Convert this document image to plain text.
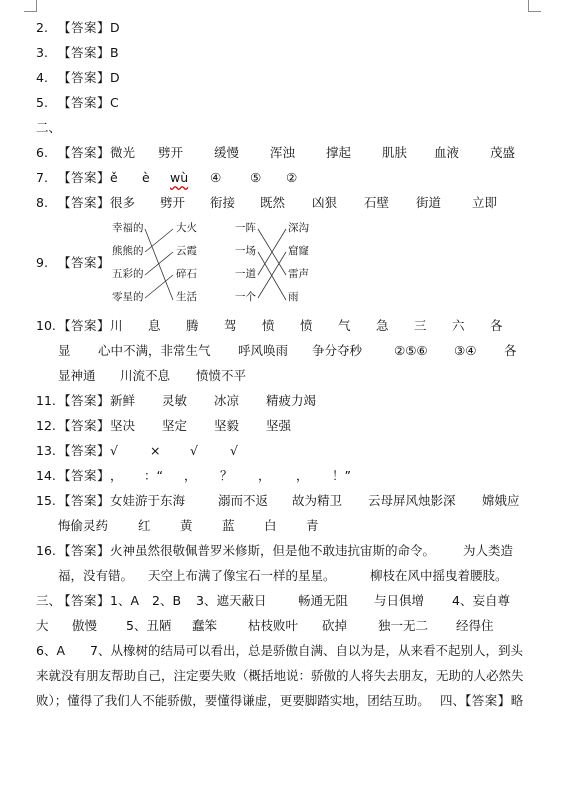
2. 【答案】D
3. 【答案】B
4. 【答案】D
5. 【答案】C
二、
6. 【答案】微光 劈开 缓慢 浑浊 撑起 肌肤 血液 茂盛
7. 【答案】ě è wù ④ ⑤ ②
8. 【答案】很多 劈开 衔接 既然 凶狠 石壁 街道 立即
9. 【答案】
幸福的
熊熊的
五彩的
零星的
大火
云霞
碎石
生活
一阵
一场
一道
一个
深沟
窟窿
雷声
雨
10. 【答案】川 息 腾 驾 愤 愤 气 急 三 六 各
显 心中不满，非常生气 呼风唤雨 争分夺秒	②⑤⑥ ③④ 各
显神通 川流不息 愤愤不平
11. 【答案】新鲜 灵敏 冰凉 精疲力竭
12. 【答案】坚决 坚定 坚毅 坚强
13. 【答案】√	× √	√
14. 【答案】， ：“ ， ？ ， ， ！”
15. 【答案】女娃游于东海	溺而不返 故为精卫 云母屏风烛影深 嫦娥应
悔偷灵药 红 黄 蓝 白 青
16. 【答案】火神虽然很敬佩普罗米修斯，但是他不敢违抗宙斯的命令。 为人类造
福，没有错。 天空上布满了像宝石一样的星星。	柳枝在风中摇曳着腰肢。
三、【答案】1、A 2、B 3、遮天蔽日	畅通无阻 与日俱增 4、妄自尊
大 傲慢 5、丑陋 蠢笨 枯枝败叶 砍掉 独一无二 经得住
6、A　　7、从橡树的结局可以看出，总是骄傲自满、自以为是，从来看不起别人，到头
来就没有朋友帮助自己，注定要失败（概括地说：骄傲的人将失去朋友，无助的人必然失
败）；懂得了我们人不能骄傲，要懂得谦虚，更要脚踏实地，团结互助。 四、【答案】略
